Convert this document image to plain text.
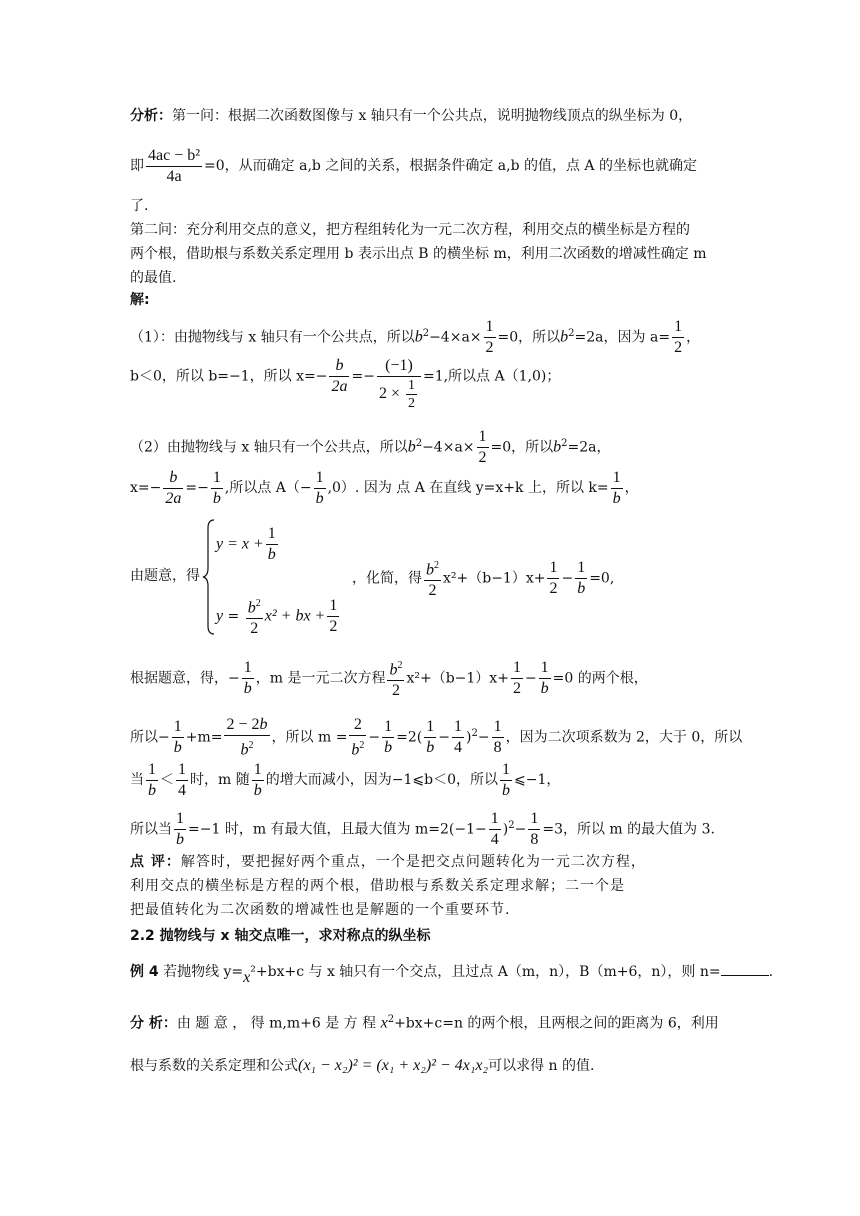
分析：第一问：根据二次函数图像与 x 轴只有一个公共点，说明抛物线顶点的纵坐标为 0，
即 $\frac{\text{4ac − b²}}{4a} =0$，从而确定 a,b 之间的关系，根据条件确定 a,b 的值，点 A 的坐标也就确定
了.
第二问：充分利用交点的意义，把方程组转化为一元二次方程，利用交点的横坐标是方程的
两个根，借助根与系数关系定理用 b 表示出点 B 的横坐标 m，利用二次函数的增减性确定 m
的最值.
解:
（1）：由抛物线与 x 轴只有一个公共点，所以$b^2-4\times a\times \frac{1}{2} =0$，所以$b^2=2a$，因为 $a= \frac{1}{2}$ ，
b＜0，所以 b=−1，所以 $x=- \frac{b}{2a} =- \frac{(-1)}{2 \times \frac{1}{2}} =1$,所以点 A（1,0)；
（2）由抛物线与 x 轴只有一个公共点，所以$b^2-4\times a\times \frac{1}{2} =0$，所以$b^2=2a$，
$x=- \frac{b}{2a} =- \frac{1}{b}$ ,所以点 $A(- \frac{1}{b} ,0)$. 因为 点 A 在直线 y=x+k 上，所以 $k= \frac{1}{b}$ ，
由题意，得
$y = x + \frac{1}{b}$
$y = \frac{b^2}{2} x^2$ + bx + $\frac{1}{2}$
，化简，得 $\frac{b^2}{2} x^2+(b-1)x+ \frac{1}{2} - \frac{1}{b} =0$,
根据题意，得，− $\frac{1}{b}$ ，m 是一元二次方程 $\frac{b^2}{2} x^2+(b-1)x+ \frac{1}{2} - \frac{1}{b} =0$ 的两个根，
所以− $\frac{1}{b} +m= \frac{2 - 2b}{b^2}$ ，所以 $m = \frac{2}{b^2} - \frac{1}{b} =2( \frac{1}{b} - \frac{1}{4} )^2- \frac{1}{8}$ ，因为二次项系数为 2，大于 0，所以
当 $\frac{1}{b} < \frac{1}{4}$ 时，m 随 $\frac{1}{b}$ 的增大而减小，因为−1⩽b＜0，所以 $\frac{1}{b}$ ⩽−1，
所以当 $\frac{1}{b} =-1$ 时，m 有最大值，且最大值为 $m=2(-1- \frac{1}{4} )^2- \frac{1}{8} =3$，所以 m 的最大值为 3.
点 评：解答时，要把握好两个重点，一个是把交点问题转化为一元二次方程，
利用交点的横坐标是方程的两个根，借助根与系数关系定理求解；二一个是
把最值转化为二次函数的增减性也是解题的一个重要环节.
2.2 抛物线与 x 轴交点唯一，求对称点的纵坐标
例 4 若抛物线 y=x²+bx+c 与 x 轴只有一个交点，且过点 A（m，n），B（m+6，n），则 n=	.
分 析：由 题 意 ， 得 m,m+6 是 方 程 $x^2+bx+c=n$ 的两个根，且两根之间的距离为 6，利用
根与系数的关系定理和公式(x₁ − x₂)² = (x₁ + x₂)² − 4x₁x₂可以求得 n 的值.
